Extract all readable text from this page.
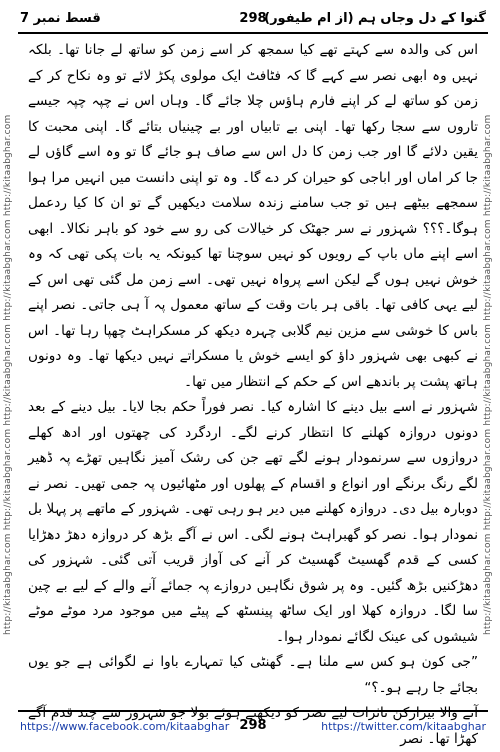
قسط نمبر 7	298
گنوا کے دل وجاں ہم (از ام طیفور)
http://kitaabghar.com http://kitaabghar.com http://kitaabghar.com http://kitaabghar.com http://kitaabghar.com	http://kitaabghar.com http://kitaabghar.com http://kitaabghar.com http://kitaabghar.com http://kitaabghar.com

اس کی والدہ سے کہتے تھے کیا سمجھ کر اسے زمن کو ساتھ لے جانا تھا۔ بلکہ نہیں وہ ابھی نصر سے کہے گا کہ فٹافٹ ایک مولوی پکڑ لائے تو وہ نکاح کر کے زمن کو ساتھ لے کر اپنے فارم ہاؤس چلا جائے گا۔ وہاں اس نے چپہ چپہ جیسے تاروں سے سجا رکھا تھا۔ اپنی بے تابیاں اور بے چینیاں بتائے گا۔ اپنی محبت کا یقین دلائے گا اور جب زمن کا دل اس سے صاف ہو جائے گا تو وہ اسے گاؤں لے جا کر اماں اور اباجی کو حیران کر دے گا۔ وہ تو اپنی دانست میں انہیں مرا ہوا سمجھے بیٹھے ہیں تو جب سامنے زندہ سلامت دیکھیں گے تو ان کا کیا ردعمل ہوگا۔؟؟؟ شہزور نے سر جھٹک کر خیالات کی رو سے خود کو باہر نکالا۔ ابھی اسے اپنے ماں باپ کے رویوں کو نہیں سوچنا تھا کیونکہ یہ بات پکی تھی کہ وہ خوش نہیں ہوں گے لیکن اسے پرواہ نہیں تھی۔ اسے زمن مل گئی تھی اس کے لیے یہی کافی تھا۔ باقی ہر بات وقت کے ساتھ معمول پہ آ ہی جاتی۔ نصر اپنے باس کا خوشی سے مزین نیم گلابی چہرہ دیکھ کر مسکراہٹ چھپا رہا تھا۔ اس نے کبھی بھی شہزور داؤ کو ایسے خوش یا مسکراتے نہیں دیکھا تھا۔ وہ دونوں ہاتھ پشت پر باندھے اس کے حکم کے انتظار میں تھا۔

شہزور نے اسے بیل دینے کا اشارہ کیا۔ نصر فوراً حکم بجا لایا۔ بیل دینے کے بعد دونوں دروازہ کھلنے کا انتظار کرنے لگے۔ اردگرد کی چھتوں اور ادھ کھلے دروازوں سے سرنمودار ہونے لگے تھے جن کی رشک آمیز نگاہیں تھڑے پہ ڈھیر لگے رنگ برنگے اور انواع و اقسام کے پھلوں اور مٹھائیوں پہ جمی تھیں۔ نصر نے دوبارہ بیل دی۔ دروازہ کھلنے میں دیر ہو رہی تھی۔ شہزور کے ماتھے پر پہلا بل نمودار ہوا۔ نصر کو گھبراہٹ ہونے لگی۔ اس نے آگے بڑھ کر دروازہ دھڑ دھڑایا کسی کے قدم گھسیٹ گھسیٹ کر آنے کی آواز قریب آتی گئی۔ شہزور کی دھڑکنیں بڑھ گئیں۔ وہ پر شوق نگاہیں دروازے پہ جمائے آنے والے کے لیے بے چین سا لگا۔ دروازہ کھلا اور ایک ساٹھ پینسٹھ کے پیٹے میں موجود مرد موٹے موٹے شیشوں کی عینک لگائے نمودار ہوا۔

”جی کون ہو کس سے ملنا ہے۔ گھنٹی کیا تمہارے باوا نے لگوائی ہے جو یوں بجائے جا رہے ہو۔؟“

آنے والا بیزارکن تاثرات لیے نصر کو دیکھتے ہوئے بولا جو شہزور سے چند قدم آگے کھڑا تھا۔ نصر

https://www.facebook.com/kitaabghar 298	https://twitter.com/kitaabghar
